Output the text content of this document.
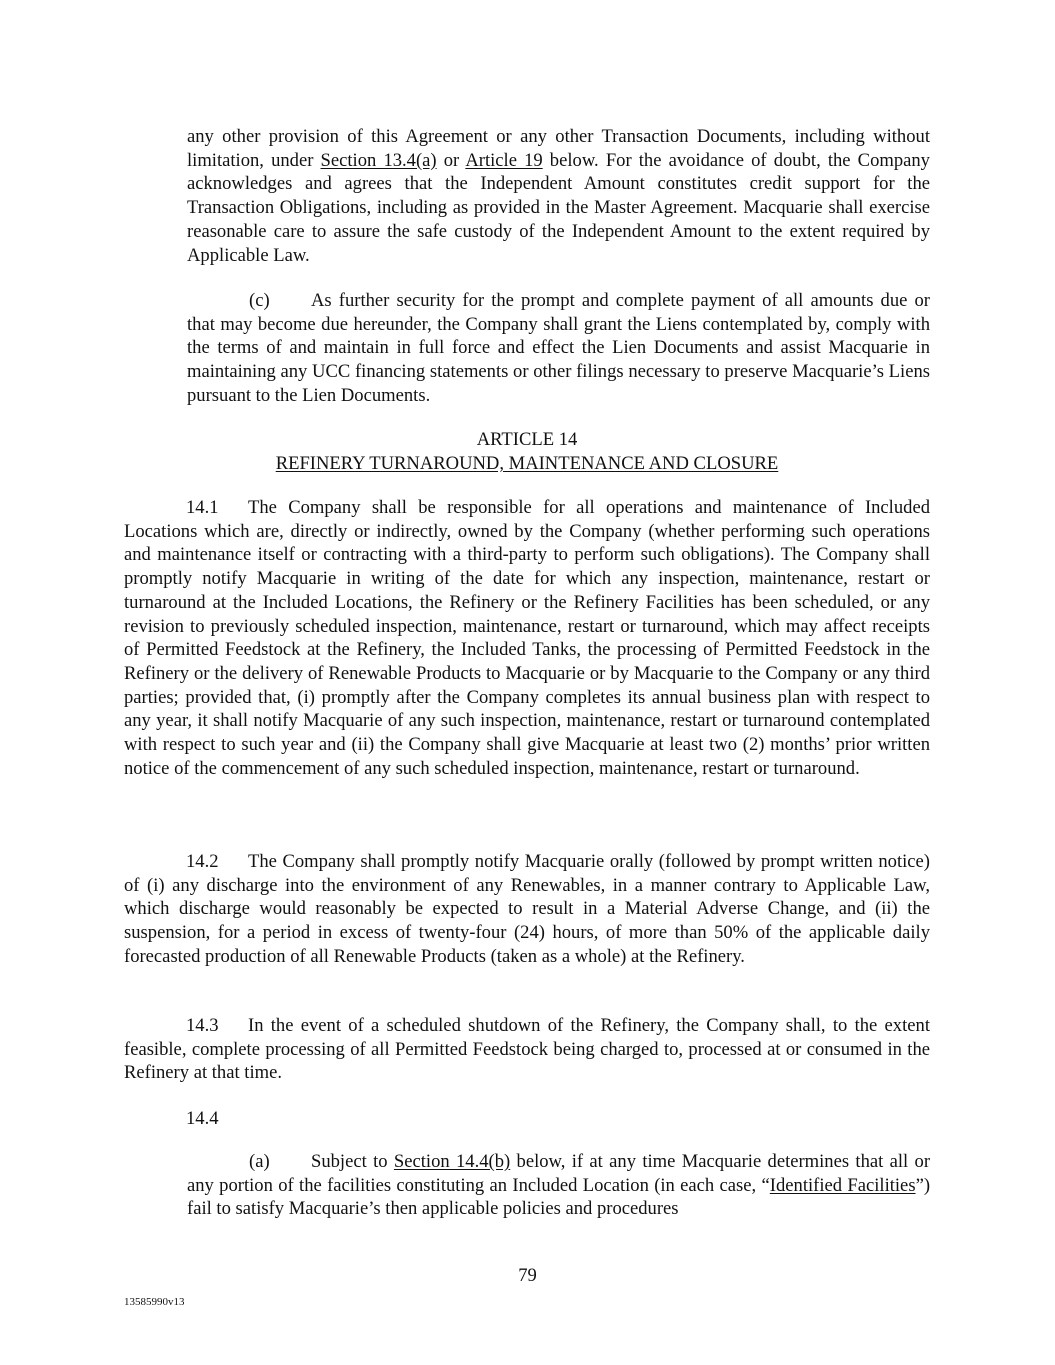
any other provision of this Agreement or any other Transaction Documents, including without limitation, under Section 13.4(a) or Article 19 below. For the avoidance of doubt, the Company acknowledges and agrees that the Independent Amount constitutes credit support for the Transaction Obligations, including as provided in the Master Agreement. Macquarie shall exercise reasonable care to assure the safe custody of the Independent Amount to the extent required by Applicable Law.

(c) As further security for the prompt and complete payment of all amounts due or that may become due hereunder, the Company shall grant the Liens contemplated by, comply with the terms of and maintain in full force and effect the Lien Documents and assist Macquarie in maintaining any UCC financing statements or other filings necessary to preserve Macquarie’s Liens pursuant to the Lien Documents.

ARTICLE 14
REFINERY TURNAROUND, MAINTENANCE AND CLOSURE

14.1 The Company shall be responsible for all operations and maintenance of Included Locations which are, directly or indirectly, owned by the Company (whether performing such operations and maintenance itself or contracting with a third-party to perform such obligations). The Company shall promptly notify Macquarie in writing of the date for which any inspection, maintenance, restart or turnaround at the Included Locations, the Refinery or the Refinery Facilities has been scheduled, or any revision to previously scheduled inspection, maintenance, restart or turnaround, which may affect receipts of Permitted Feedstock at the Refinery, the Included Tanks, the processing of Permitted Feedstock in the Refinery or the delivery of Renewable Products to Macquarie or by Macquarie to the Company or any third parties; provided that, (i) promptly after the Company completes its annual business plan with respect to any year, it shall notify Macquarie of any such inspection, maintenance, restart or turnaround contemplated with respect to such year and (ii) the Company shall give Macquarie at least two (2) months’ prior written notice of the commencement of any such scheduled inspection, maintenance, restart or turnaround.

14.2 The Company shall promptly notify Macquarie orally (followed by prompt written notice) of (i) any discharge into the environment of any Renewables, in a manner contrary to Applicable Law, which discharge would reasonably be expected to result in a Material Adverse Change, and (ii) the suspension, for a period in excess of twenty-four (24) hours, of more than 50% of the applicable daily forecasted production of all Renewable Products (taken as a whole) at the Refinery.

14.3 In the event of a scheduled shutdown of the Refinery, the Company shall, to the extent feasible, complete processing of all Permitted Feedstock being charged to, processed at or consumed in the Refinery at that time.

14.4

(a) Subject to Section 14.4(b) below, if at any time Macquarie determines that all or any portion of the facilities constituting an Included Location (in each case, “Identified Facilities”) fail to satisfy Macquarie’s then applicable policies and procedures

79
13585990v13
